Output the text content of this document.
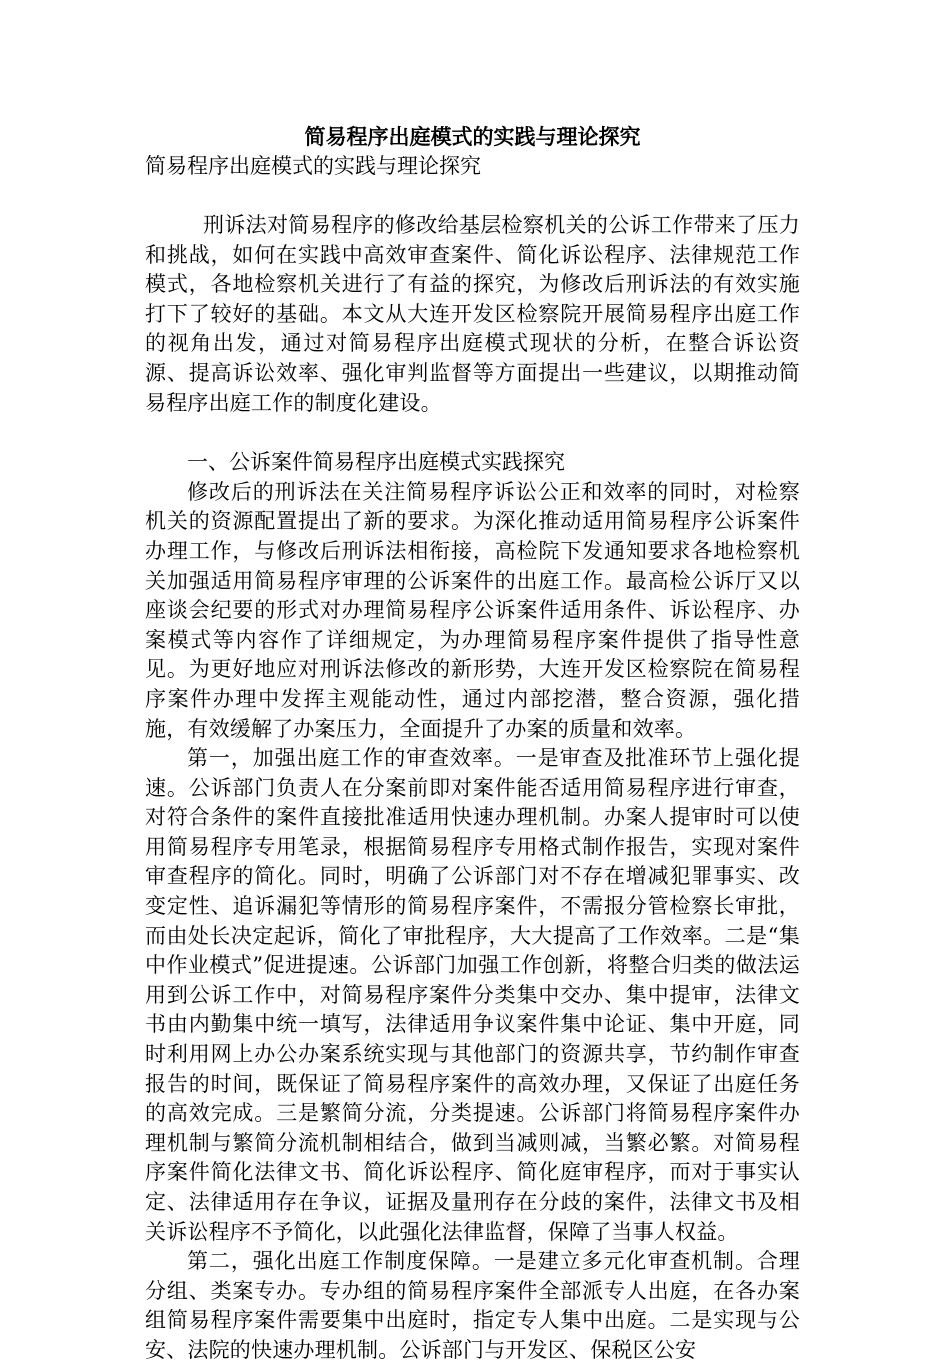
简易程序出庭模式的实践与理论探究

简易程序出庭模式的实践与理论探究

刑诉法对简易程序的修改给基层检察机关的公诉工作带来了压力和挑战，如何在实践中高效审查案件、简化诉讼程序、法律规范工作模式，各地检察机关进行了有益的探究，为修改后刑诉法的有效实施打下了较好的基础。本文从大连开发区检察院开展简易程序出庭工作的视角出发，通过对简易程序出庭模式现状的分析，在整合诉讼资源、提高诉讼效率、强化审判监督等方面提出一些建议，以期推动简易程序出庭工作的制度化建设。

一、公诉案件简易程序出庭模式实践探究

修改后的刑诉法在关注简易程序诉讼公正和效率的同时，对检察机关的资源配置提出了新的要求。为深化推动适用简易程序公诉案件办理工作，与修改后刑诉法相衔接，高检院下发通知要求各地检察机关加强适用简易程序审理的公诉案件的出庭工作。最高检公诉厅又以座谈会纪要的形式对办理简易程序公诉案件适用条件、诉讼程序、办案模式等内容作了详细规定，为办理简易程序案件提供了指导性意见。为更好地应对刑诉法修改的新形势，大连开发区检察院在简易程序案件办理中发挥主观能动性，通过内部挖潜，整合资源，强化措施，有效缓解了办案压力，全面提升了办案的质量和效率。

第一，加强出庭工作的审查效率。一是审查及批准环节上强化提速。公诉部门负责人在分案前即对案件能否适用简易程序进行审查，对符合条件的案件直接批准适用快速办理机制。办案人提审时可以使用简易程序专用笔录，根据简易程序专用格式制作报告，实现对案件审查程序的简化。同时，明确了公诉部门对不存在增减犯罪事实、改变定性、追诉漏犯等情形的简易程序案件，不需报分管检察长审批，而由处长决定起诉，简化了审批程序，大大提高了工作效率。二是“集中作业模式”促进提速。公诉部门加强工作创新，将整合归类的做法运用到公诉工作中，对简易程序案件分类集中交办、集中提审，法律文书由内勤集中统一填写，法律适用争议案件集中论证、集中开庭，同时利用网上办公办案系统实现与其他部门的资源共享，节约制作审查报告的时间，既保证了简易程序案件的高效办理，又保证了出庭任务的高效完成。三是繁简分流，分类提速。公诉部门将简易程序案件办理机制与繁简分流机制相结合，做到当减则减，当繁必繁。对简易程序案件简化法律文书、简化诉讼程序、简化庭审程序，而对于事实认定、法律适用存在争议，证据及量刑存在分歧的案件，法律文书及相关诉讼程序不予简化，以此强化法律监督，保障了当事人权益。

第二，强化出庭工作制度保障。一是建立多元化审查机制。合理分组、类案专办。专办组的简易程序案件全部派专人出庭，在各办案组简易程序案件需要集中出庭时，指定专人集中出庭。二是实现与公安、法院的快速办理机制。公诉部门与开发区、保税区公安
